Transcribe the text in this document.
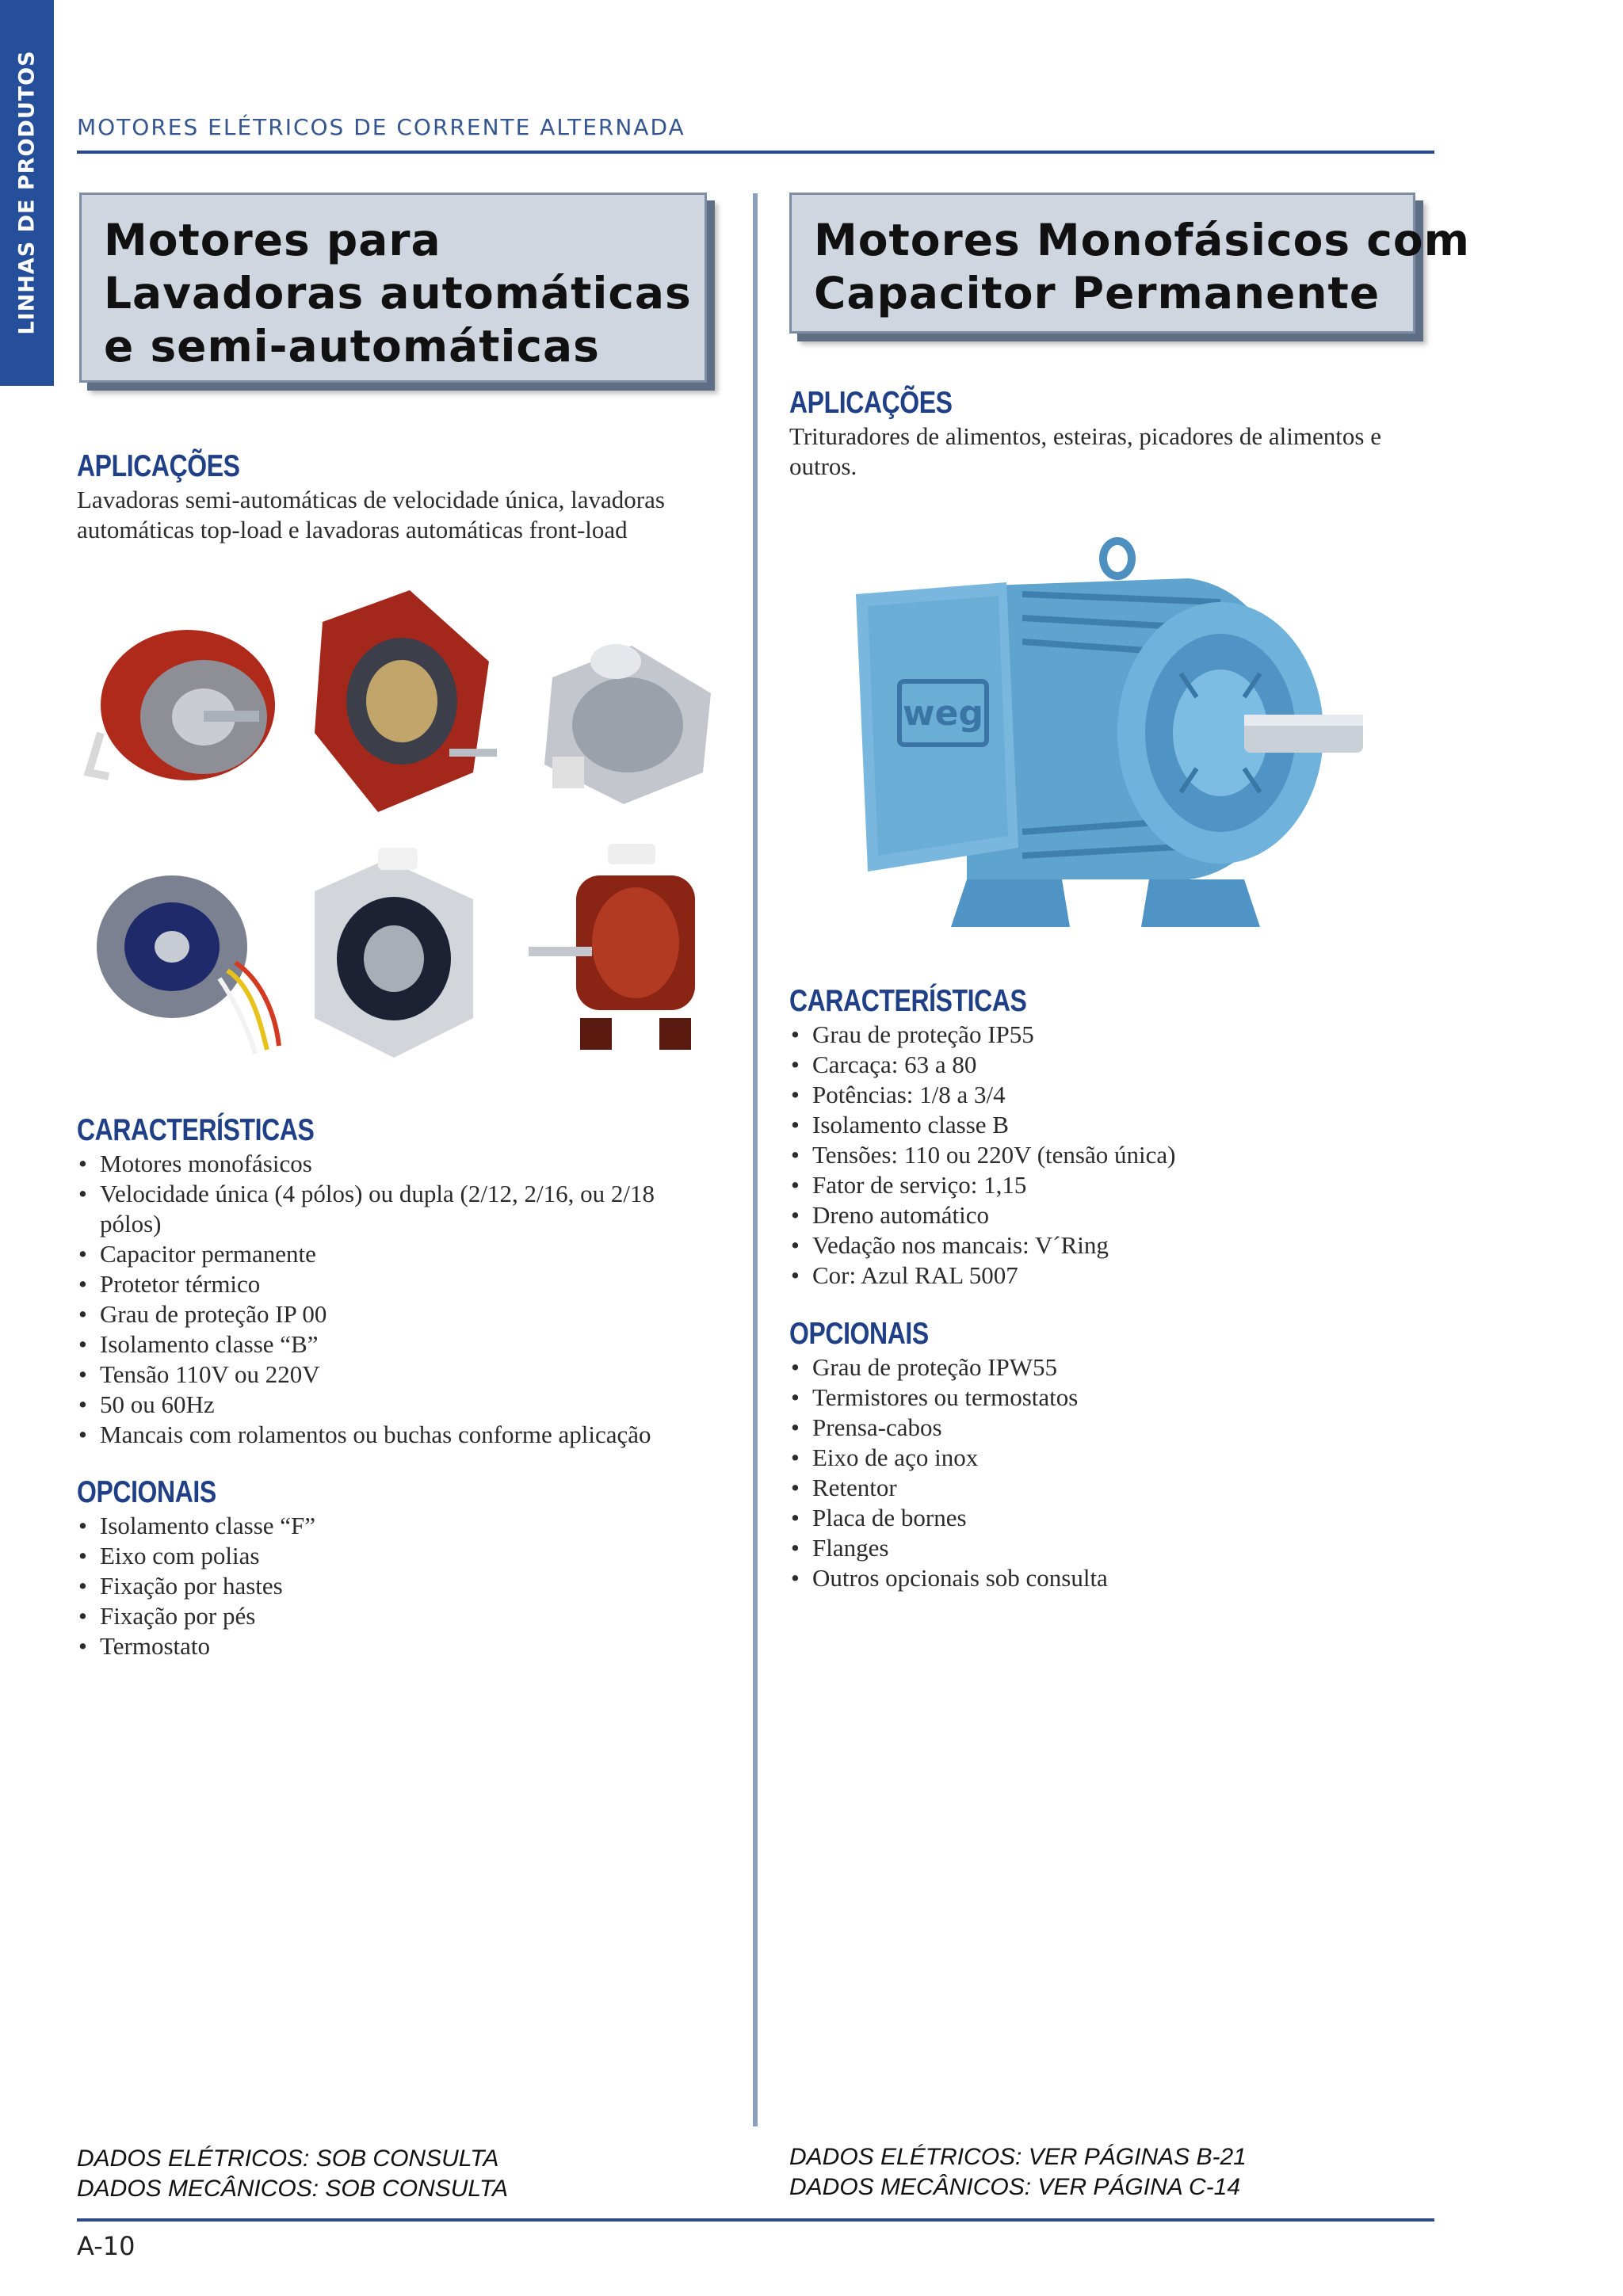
LINHAS DE PRODUTOS MOTORES ELÉTRICOS DE CORRENTE ALTERNADA
Motores para
Lavadoras automáticas
e semi-automáticas
APLICAÇÕES
Lavadoras semi-automáticas de velocidade única, lavadoras
automáticas top-load e lavadoras automáticas front-load
CARACTERÍSTICAS
• Motores monofásicos
• Velocidade única (4 pólos) ou dupla (2/12, 2/16, ou 2/18 pólos)
• Capacitor permanente
• Protetor térmico
• Grau de proteção IP 00
• Isolamento classe “B”
• Tensão 110V ou 220V
• 50 ou 60Hz
• Mancais com rolamentos ou buchas conforme aplicação
OPCIONAIS
• Isolamento classe “F”
• Eixo com polias
• Fixação por hastes
• Fixação por pés
• Termostato
DADOS ELÉTRICOS: SOB CONSULTA
DADOS MECÂNICOS: SOB CONSULTA
Motores Monofásicos com
Capacitor Permanente
APLICAÇÕES
Trituradores de alimentos, esteiras, picadores de alimentos e
outros.
weg
CARACTERÍSTICAS
• Grau de proteção IP55
• Carcaça: 63 a 80
• Potências: 1/8 a 3/4
• Isolamento classe B
• Tensões: 110 ou 220V (tensão única)
• Fator de serviço: 1,15
• Dreno automático
• Vedação nos mancais: V´Ring
• Cor: Azul RAL 5007
OPCIONAIS
• Grau de proteção IPW55
• Termistores ou termostatos
• Prensa-cabos
• Eixo de aço inox
• Retentor
• Placa de bornes
• Flanges
• Outros opcionais sob consulta
DADOS ELÉTRICOS: VER PÁGINAS B-21
DADOS MECÂNICOS: VER PÁGINA C-14
A-10
